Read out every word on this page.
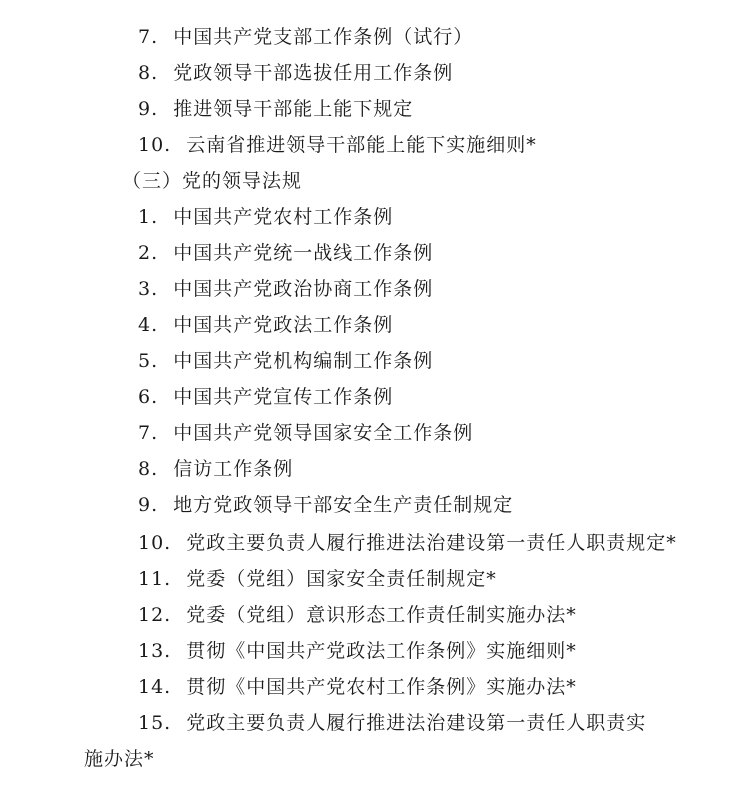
7. 中国共产党支部工作条例（试行）
8. 党政领导干部选拔任用工作条例
9. 推进领导干部能上能下规定
10. 云南省推进领导干部能上能下实施细则*
（三）党的领导法规
1. 中国共产党农村工作条例
2. 中国共产党统一战线工作条例
3. 中国共产党政治协商工作条例
4. 中国共产党政法工作条例
5. 中国共产党机构编制工作条例
6. 中国共产党宣传工作条例
7. 中国共产党领导国家安全工作条例
8. 信访工作条例
9. 地方党政领导干部安全生产责任制规定
10. 党政主要负责人履行推进法治建设第一责任人职责规定*
11. 党委（党组）国家安全责任制规定*
12. 党委（党组）意识形态工作责任制实施办法*
13. 贯彻《中国共产党政法工作条例》实施细则*
14. 贯彻《中国共产党农村工作条例》实施办法*
15. 党政主要负责人履行推进法治建设第一责任人职责实
施办法*
